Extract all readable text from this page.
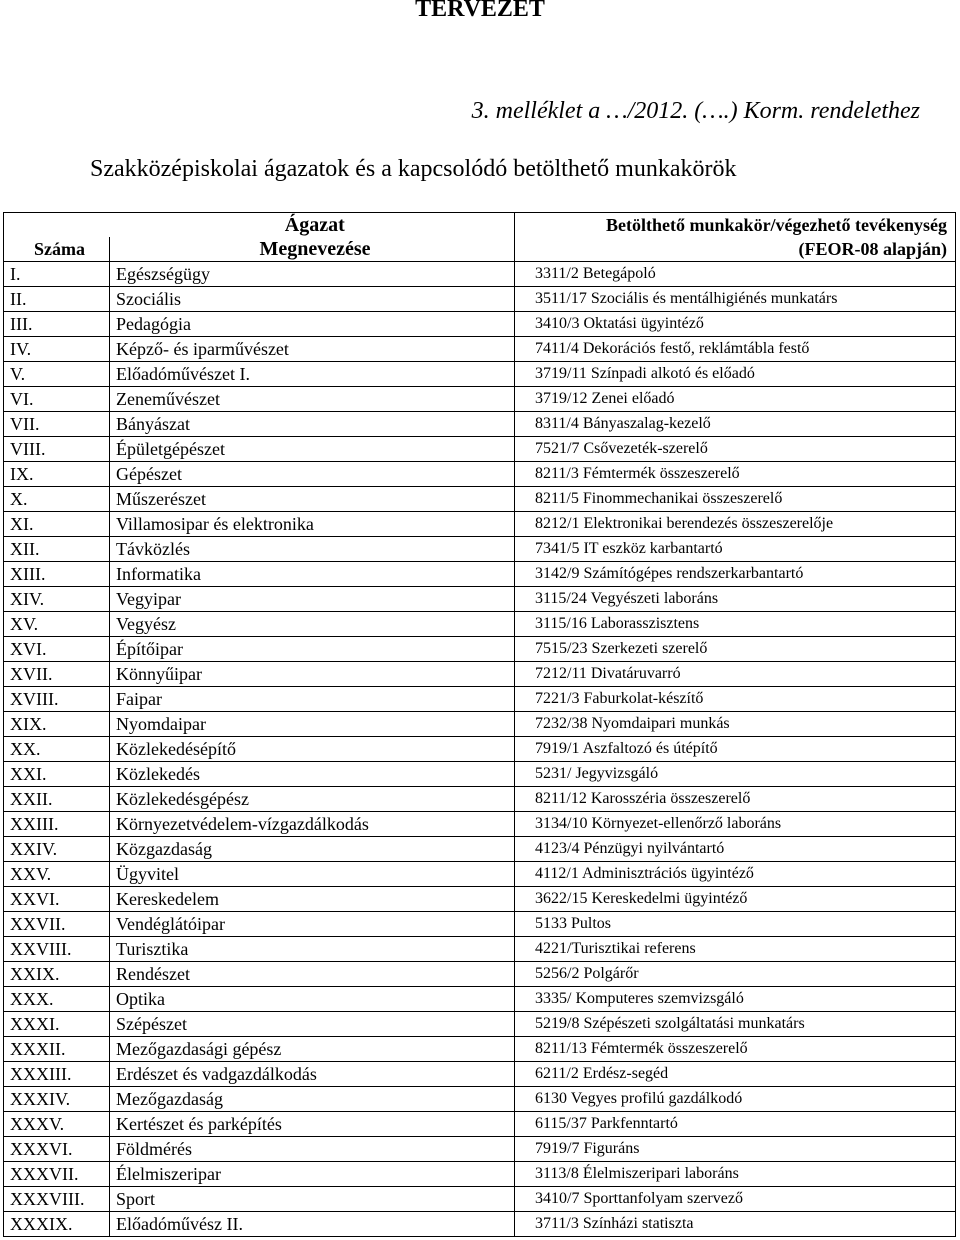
TERVEZET
3. melléklet a …/2012. (….) Korm. rendelethez
Szakközépiskolai ágazatok és a kapcsolódó betölthető munkakörök
	Ágazat	Betölthető munkakör/végezhető tevékenység
Száma	Megnevezése	(FEOR-08 alapján)
I.	Egészségügy	3311/2 Betegápoló
II.	Szociális	3511/17 Szociális és mentálhigiénés munkatárs
III.	Pedagógia	3410/3 Oktatási ügyintéző
IV.	Képző- és iparművészet	7411/4 Dekorációs festő, reklámtábla festő
V.	Előadóművészet I.	3719/11 Színpadi alkotó és előadó
VI.	Zeneművészet	3719/12 Zenei előadó
VII.	Bányászat	8311/4 Bányaszalag-kezelő
VIII.	Épületgépészet	7521/7 Csővezeték-szerelő
IX.	Gépészet	8211/3 Fémtermék összeszerelő
X.	Műszerészet	8211/5 Finommechanikai összeszerelő
XI.	Villamosipar és elektronika	8212/1 Elektronikai berendezés összeszerelője
XII.	Távközlés	7341/5 IT eszköz karbantartó
XIII.	Informatika	3142/9 Számítógépes rendszerkarbantartó
XIV.	Vegyipar	3115/24 Vegyészeti laboráns
XV.	Vegyész	3115/16 Laborasszisztens
XVI.	Építőipar	7515/23 Szerkezeti szerelő
XVII.	Könnyűipar	7212/11 Divatáruvarró
XVIII.	Faipar	7221/3 Faburkolat-készítő
XIX.	Nyomdaipar	7232/38 Nyomdaipari munkás
XX.	Közlekedésépítő	7919/1 Aszfaltozó és útépítő
XXI.	Közlekedés	5231/ Jegyvizsgáló
XXII.	Közlekedésgépész	8211/12 Karosszéria összeszerelő
XXIII.	Környezetvédelem-vízgazdálkodás	3134/10 Környezet-ellenőrző laboráns
XXIV.	Közgazdaság	4123/4 Pénzügyi nyilvántartó
XXV.	Ügyvitel	4112/1 Adminisztrációs ügyintéző
XXVI.	Kereskedelem	3622/15 Kereskedelmi ügyintéző
XXVII.	Vendéglátóipar	5133 Pultos
XXVIII.	Turisztika	4221/Turisztikai referens
XXIX.	Rendészet	5256/2 Polgárőr
XXX.	Optika	3335/ Komputeres szemvizsgáló
XXXI.	Szépészet	5219/8 Szépészeti szolgáltatási munkatárs
XXXII.	Mezőgazdasági gépész	8211/13 Fémtermék összeszerelő
XXXIII.	Erdészet és vadgazdálkodás	6211/2 Erdész-segéd
XXXIV.	Mezőgazdaság	6130 Vegyes profilú gazdálkodó
XXXV.	Kertészet és parképítés	6115/37 Parkfenntartó
XXXVI.	Földmérés	7919/7 Figuráns
XXXVII.	Élelmiszeripar	3113/8 Élelmiszeripari laboráns
XXXVIII.	Sport	3410/7 Sporttanfolyam szervező
XXXIX.	Előadóművész II.	3711/3 Színházi statiszta
